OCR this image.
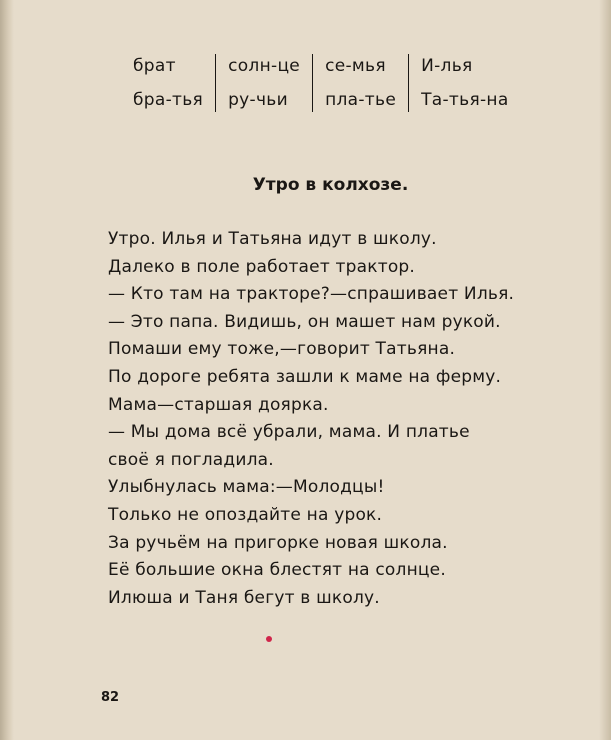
брат
бра-тья
солн-це
ру-чьи
се-мья
пла-тье
И-лья
Та-тья-на
Утро в колхозе.
Утро. Илья и Татьяна идут в школу.
Далеко в поле работает трактор.
— Кто там на тракторе?—спрашивает Илья.
— Это папа. Видишь, он машет нам рукой.
Помаши ему тоже,—говорит Татьяна.
По дороге ребята зашли к маме на ферму.
Мама—старшая доярка.
— Мы дома всё убрали, мама. И платье
своё я погладила.
Улыбнулась мама:—Молодцы!
Только не опоздайте на урок.
За ручьём на пригорке новая школа.
Её большие окна блестят на солнце.
Илюша и Таня бегут в школу.
82
